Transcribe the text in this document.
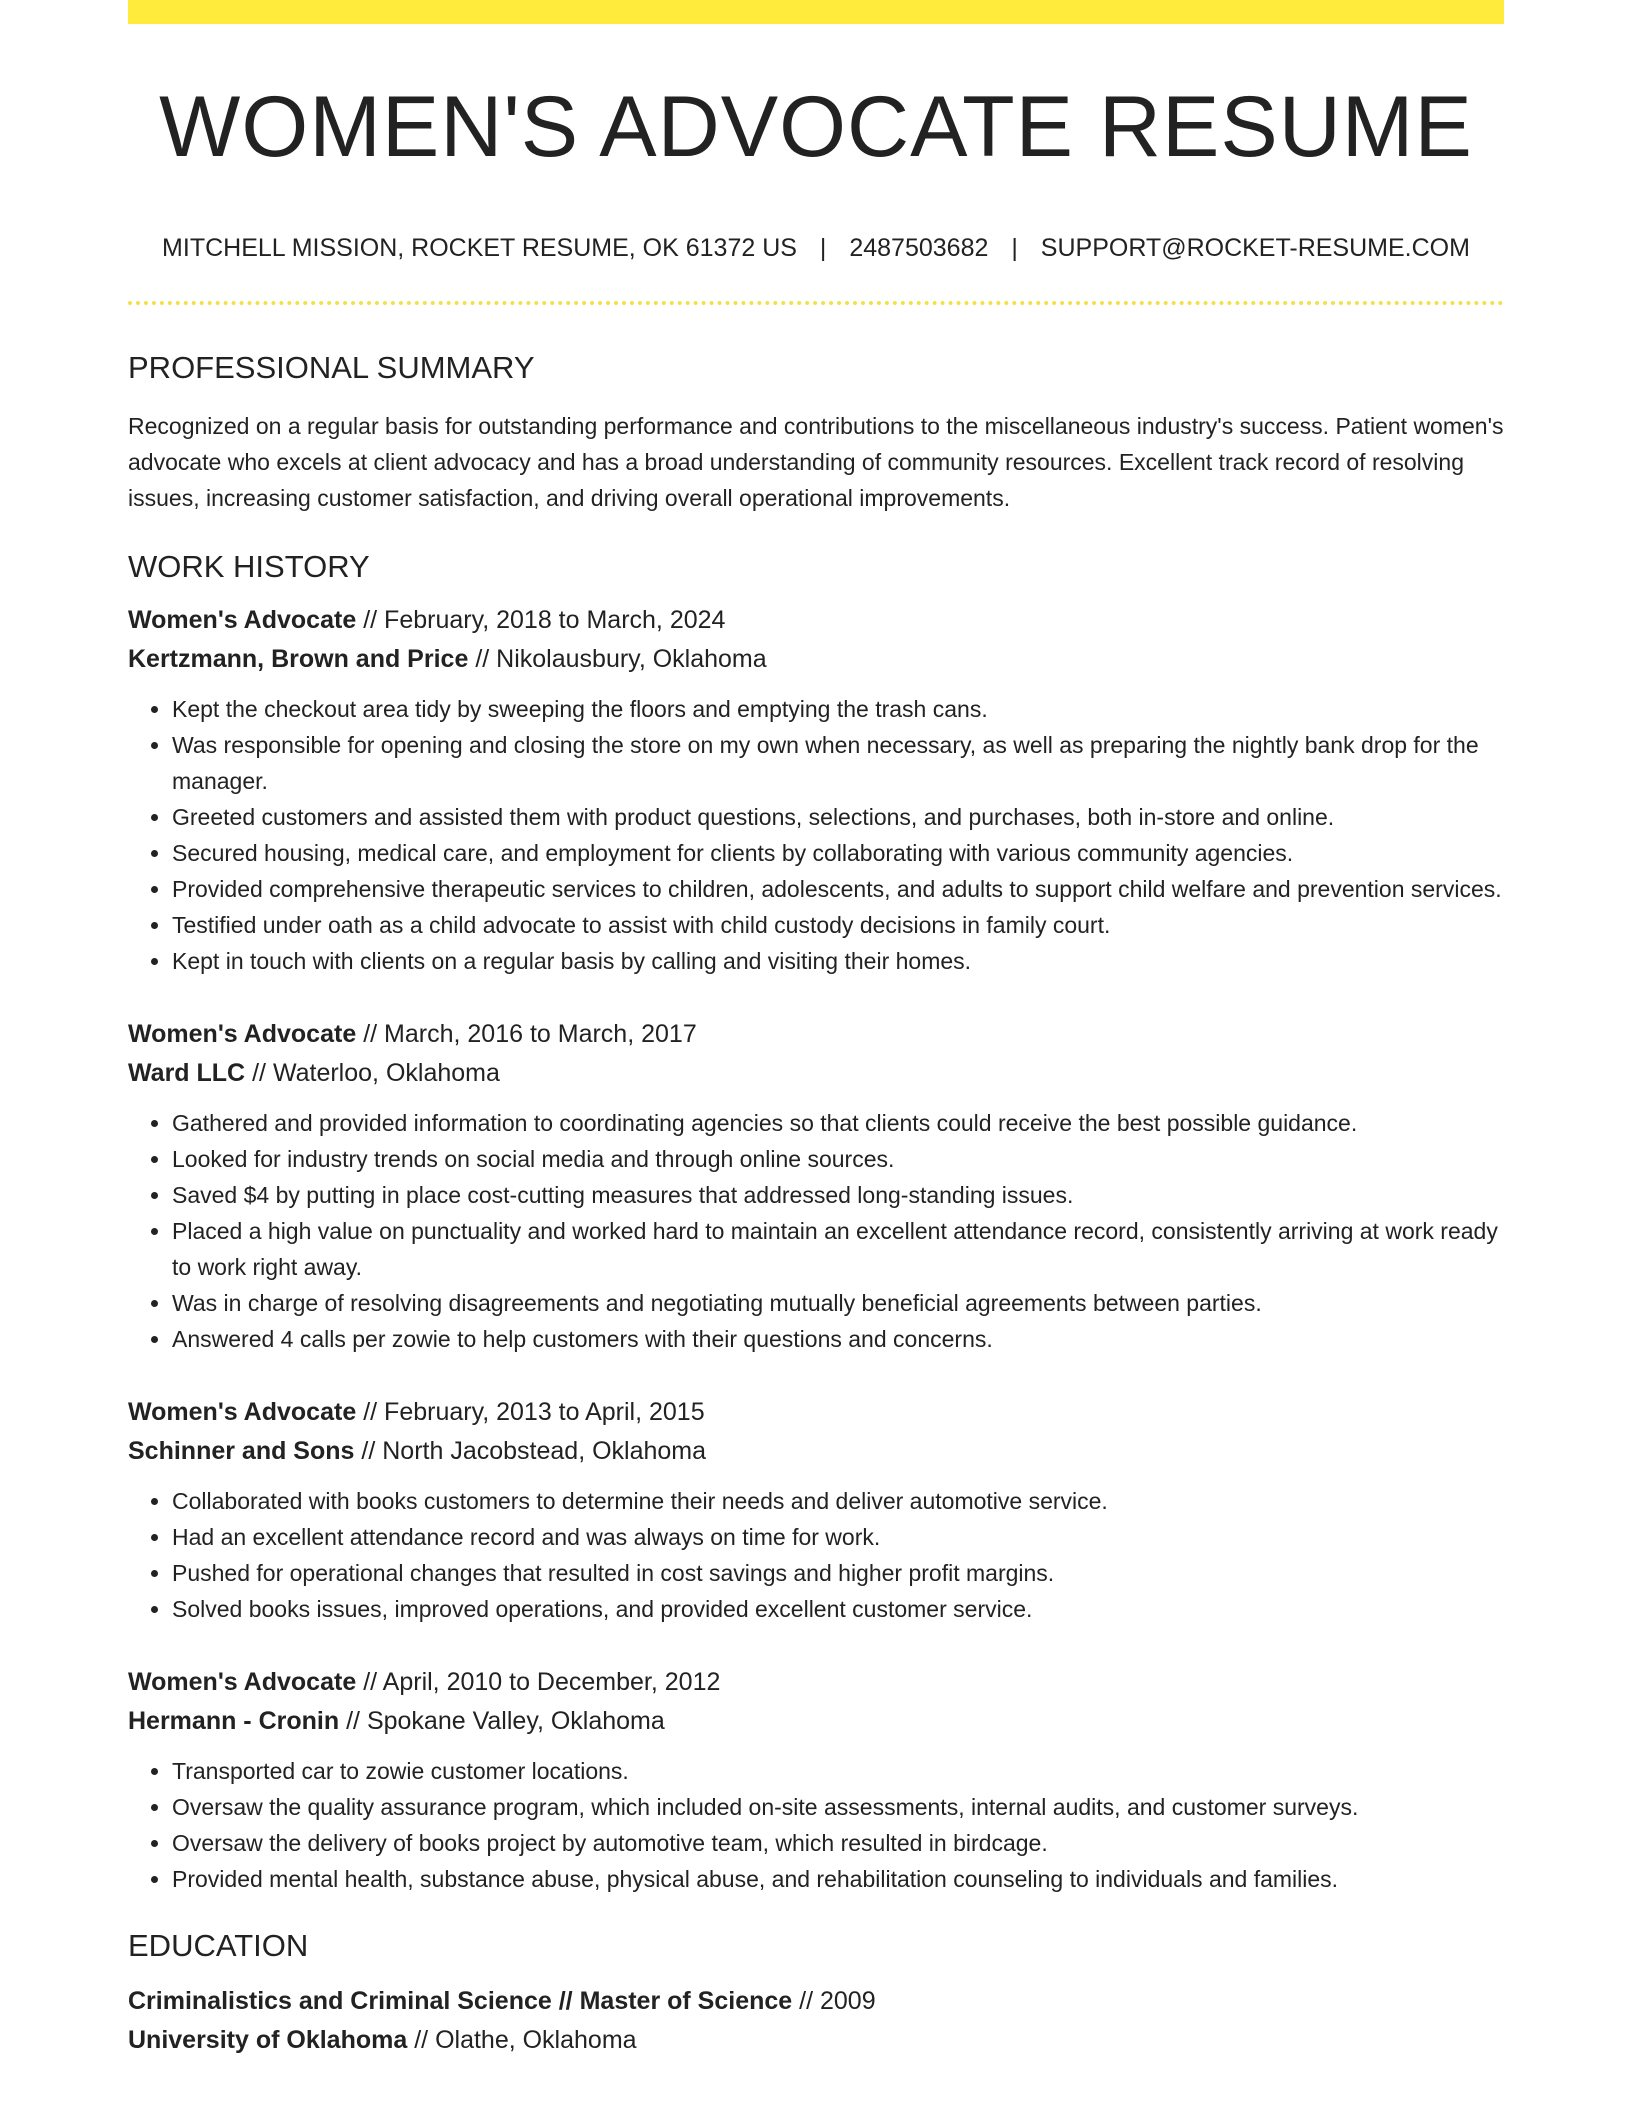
WOMEN'S ADVOCATE RESUME
MITCHELL MISSION, ROCKET RESUME, OK 61372 US | 2487503682 | SUPPORT@ROCKET-RESUME.COM
PROFESSIONAL SUMMARY
Recognized on a regular basis for outstanding performance and contributions to the miscellaneous industry's success. Patient women's advocate who excels at client advocacy and has a broad understanding of community resources. Excellent track record of resolving issues, increasing customer satisfaction, and driving overall operational improvements.
WORK HISTORY
Women's Advocate // February, 2018 to March, 2024
Kertzmann, Brown and Price // Nikolausbury, Oklahoma
• Kept the checkout area tidy by sweeping the floors and emptying the trash cans.
• Was responsible for opening and closing the store on my own when necessary, as well as preparing the nightly bank drop for the manager.
• Greeted customers and assisted them with product questions, selections, and purchases, both in-store and online.
• Secured housing, medical care, and employment for clients by collaborating with various community agencies.
• Provided comprehensive therapeutic services to children, adolescents, and adults to support child welfare and prevention services.
• Testified under oath as a child advocate to assist with child custody decisions in family court.
• Kept in touch with clients on a regular basis by calling and visiting their homes.
Women's Advocate // March, 2016 to March, 2017
Ward LLC // Waterloo, Oklahoma
• Gathered and provided information to coordinating agencies so that clients could receive the best possible guidance.
• Looked for industry trends on social media and through online sources.
• Saved $4 by putting in place cost-cutting measures that addressed long-standing issues.
• Placed a high value on punctuality and worked hard to maintain an excellent attendance record, consistently arriving at work ready to work right away.
• Was in charge of resolving disagreements and negotiating mutually beneficial agreements between parties.
• Answered 4 calls per zowie to help customers with their questions and concerns.
Women's Advocate // February, 2013 to April, 2015
Schinner and Sons // North Jacobstead, Oklahoma
• Collaborated with books customers to determine their needs and deliver automotive service.
• Had an excellent attendance record and was always on time for work.
• Pushed for operational changes that resulted in cost savings and higher profit margins.
• Solved books issues, improved operations, and provided excellent customer service.
Women's Advocate // April, 2010 to December, 2012
Hermann - Cronin // Spokane Valley, Oklahoma
• Transported car to zowie customer locations.
• Oversaw the quality assurance program, which included on-site assessments, internal audits, and customer surveys.
• Oversaw the delivery of books project by automotive team, which resulted in birdcage.
• Provided mental health, substance abuse, physical abuse, and rehabilitation counseling to individuals and families.
EDUCATION
Criminalistics and Criminal Science // Master of Science // 2009
University of Oklahoma // Olathe, Oklahoma
